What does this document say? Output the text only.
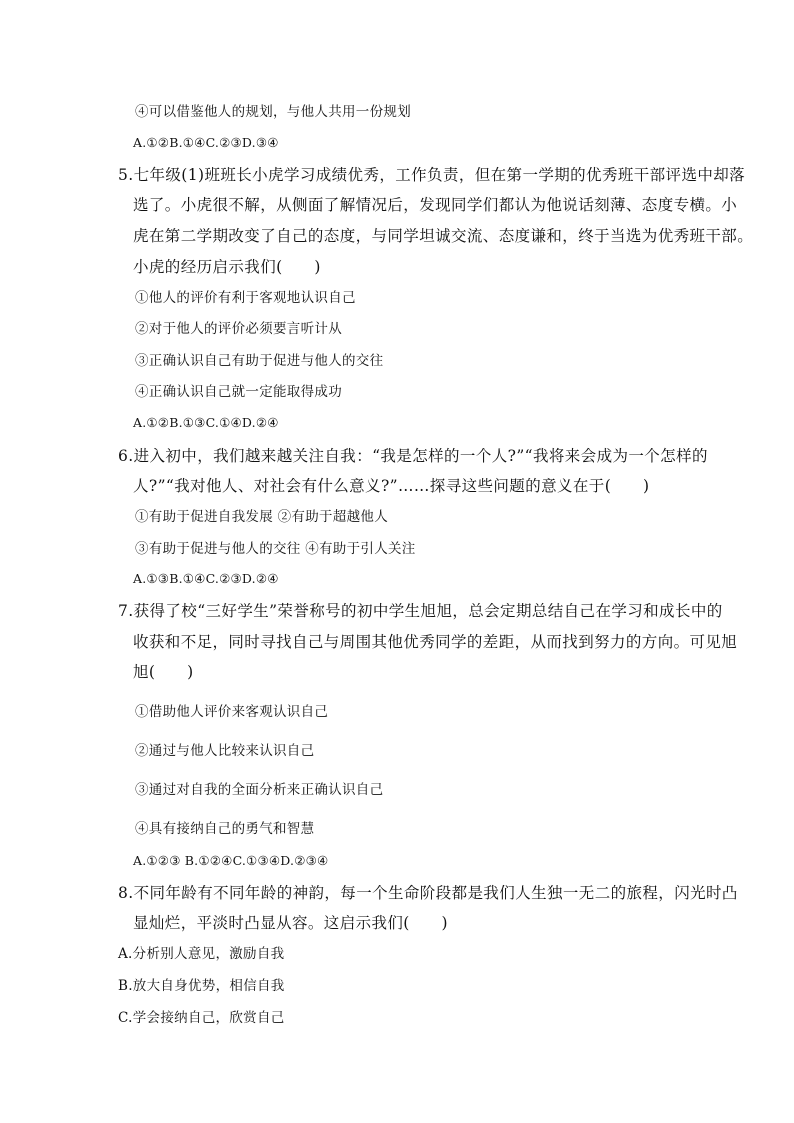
④可以借鉴他人的规划，与他人共用一份规划
A.①②B.①④C.②③D.③④
5.七年级(1)班班长小虎学习成绩优秀，工作负责，但在第一学期的优秀班干部评选中却落
选了。小虎很不解，从侧面了解情况后，发现同学们都认为他说话刻薄、态度专横。小
虎在第二学期改变了自己的态度，与同学坦诚交流、态度谦和，终于当选为优秀班干部。
小虎的经历启示我们(　　)
①他人的评价有利于客观地认识自己
②对于他人的评价必须要言听计从
③正确认识自己有助于促进与他人的交往
④正确认识自己就一定能取得成功
A.①②B.①③C.①④D.②④
6.进入初中，我们越来越关注自我：“我是怎样的一个人?”“我将来会成为一个怎样的
人?”“我对他人、对社会有什么意义?”……探寻这些问题的意义在于(　　)
①有助于促进自我发展 ②有助于超越他人
③有助于促进与他人的交往 ④有助于引人关注
A.①③B.①④C.②③D.②④
7.获得了校“三好学生”荣誉称号的初中学生旭旭，总会定期总结自己在学习和成长中的
收获和不足，同时寻找自己与周围其他优秀同学的差距，从而找到努力的方向。可见旭
旭(　　)
①借助他人评价来客观认识自己
②通过与他人比较来认识自己
③通过对自我的全面分析来正确认识自己
④具有接纳自己的勇气和智慧
A.①②③ B.①②④C.①③④D.②③④
8.不同年龄有不同年龄的神韵，每一个生命阶段都是我们人生独一无二的旅程，闪光时凸
显灿烂，平淡时凸显从容。这启示我们(　　)
A.分析别人意见，激励自我
B.放大自身优势，相信自我
C.学会接纳自己，欣赏自己
